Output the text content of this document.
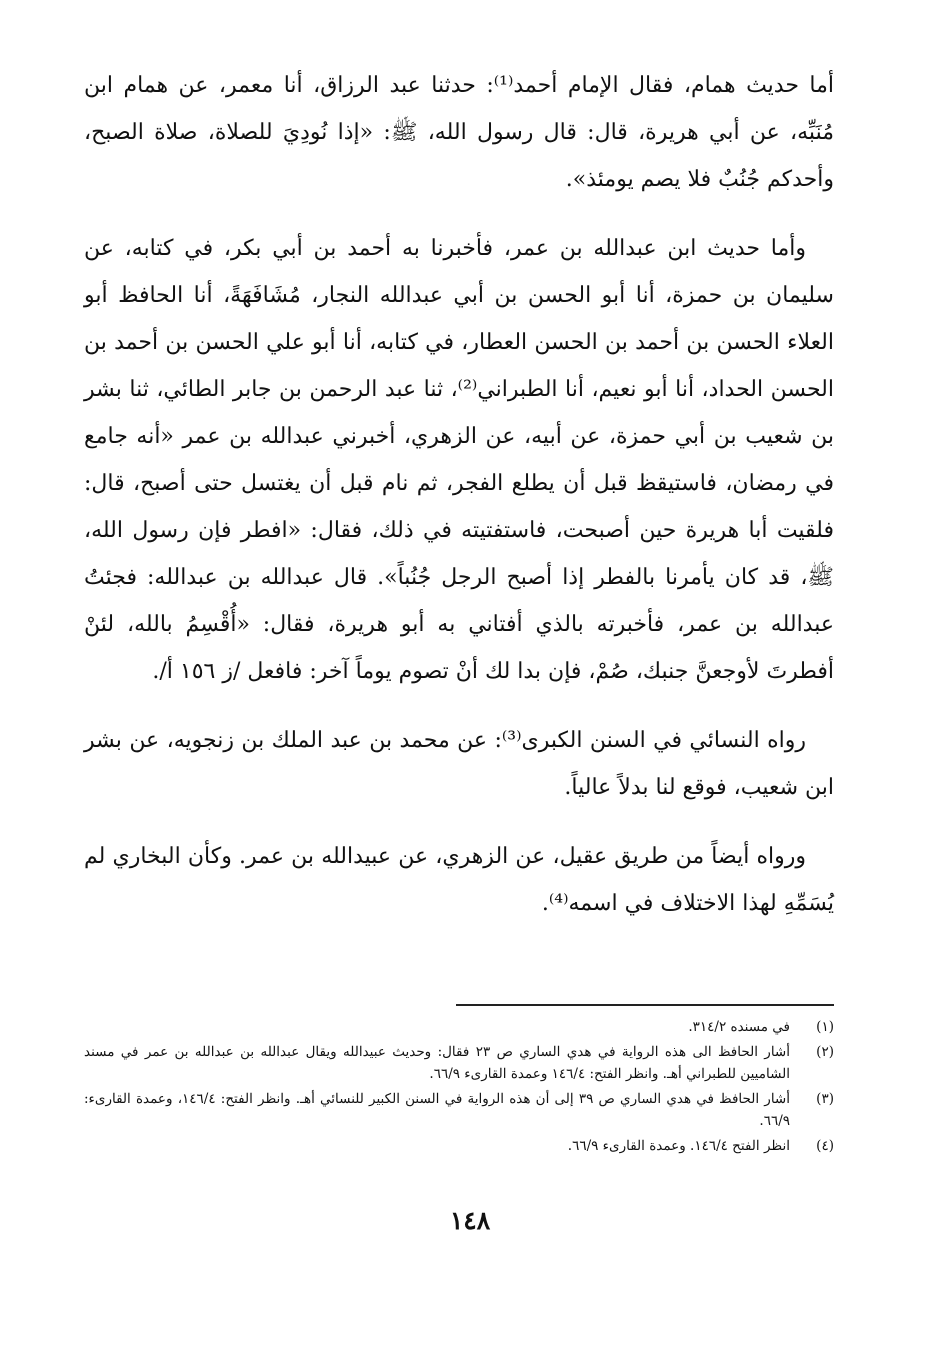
أما حديث همام، فقال الإمام أحمد⁽¹⁾: حدثنا عبد الرزاق، أنا معمر، عن همام ابن مُنَبِّه، عن أبي هريرة، قال: قال رسول الله، ﷺ: «إذا نُودِيَ للصلاة، صلاة الصبح، وأحدكم جُنُبٌ فلا يصم يومئذ».

وأما حديث ابن عبدالله بن عمر، فأخبرنا به أحمد بن أبي بكر، في كتابه، عن سليمان بن حمزة، أنا أبو الحسن بن أبي عبدالله النجار، مُشَافَهَةً، أنا الحافظ أبو العلاء الحسن بن أحمد بن الحسن العطار، في كتابه، أنا أبو علي الحسن بن أحمد بن الحسن الحداد، أنا أبو نعيم، أنا الطبراني⁽²⁾، ثنا عبد الرحمن بن جابر الطائي، ثنا بشر بن شعيب بن أبي حمزة، عن أبيه، عن الزهري، أخبرني عبدالله بن عمر «أنه جامع في رمضان، فاستيقظ قبل أن يطلع الفجر، ثم نام قبل أن يغتسل حتى أصبح، قال: فلقيت أبا هريرة حين أصبحت، فاستفتيته في ذلك، فقال: «افطر فإن رسول الله، ﷺ، قد كان يأمرنا بالفطر إذا أصبح الرجل جُنُباً». قال عبدالله بن عبدالله: فجئتُ عبدالله بن عمر، فأخبرته بالذي أفتاني به أبو هريرة، فقال: «أُقْسِمُ بالله، لئنْ أفطرتَ لأوجعنَّ جنبك، صُمْ، فإن بدا لك أنْ تصوم يوماً آخر: فافعل /ز ١٥٦ أ/.

رواه النسائي في السنن الكبرى⁽³⁾: عن محمد بن عبد الملك بن زنجويه، عن بشر ابن شعيب، فوقع لنا بدلاً عالياً.

ورواه أيضاً من طريق عقيل، عن الزهري، عن عبيدالله بن عمر. وكأن البخاري لم يُسَمِّهِ لهذا الاختلاف في اسمه⁽⁴⁾.

(١)
في مسنده ٣١٤/٢.
(٢)
أشار الحافظ الى هذه الرواية في هدي الساري ص ٢٣ فقال: وحديث عبيدالله ويقال عبدالله بن عبدالله بن عمر في مسند الشاميين للطبراني أهـ. وانظر الفتح: ١٤٦/٤ وعمدة القارىء ٦٦/٩.
(٣)
أشار الحافظ في هدي الساري ص ٣٩ إلى أن هذه الرواية في السنن الكبير للنسائي أهـ. وانظر الفتح: ١٤٦/٤، وعمدة القارىء: ٦٦/٩.
(٤)
انظر الفتح ١٤٦/٤. وعمدة القارىء ٦٦/٩.
١٤٨
